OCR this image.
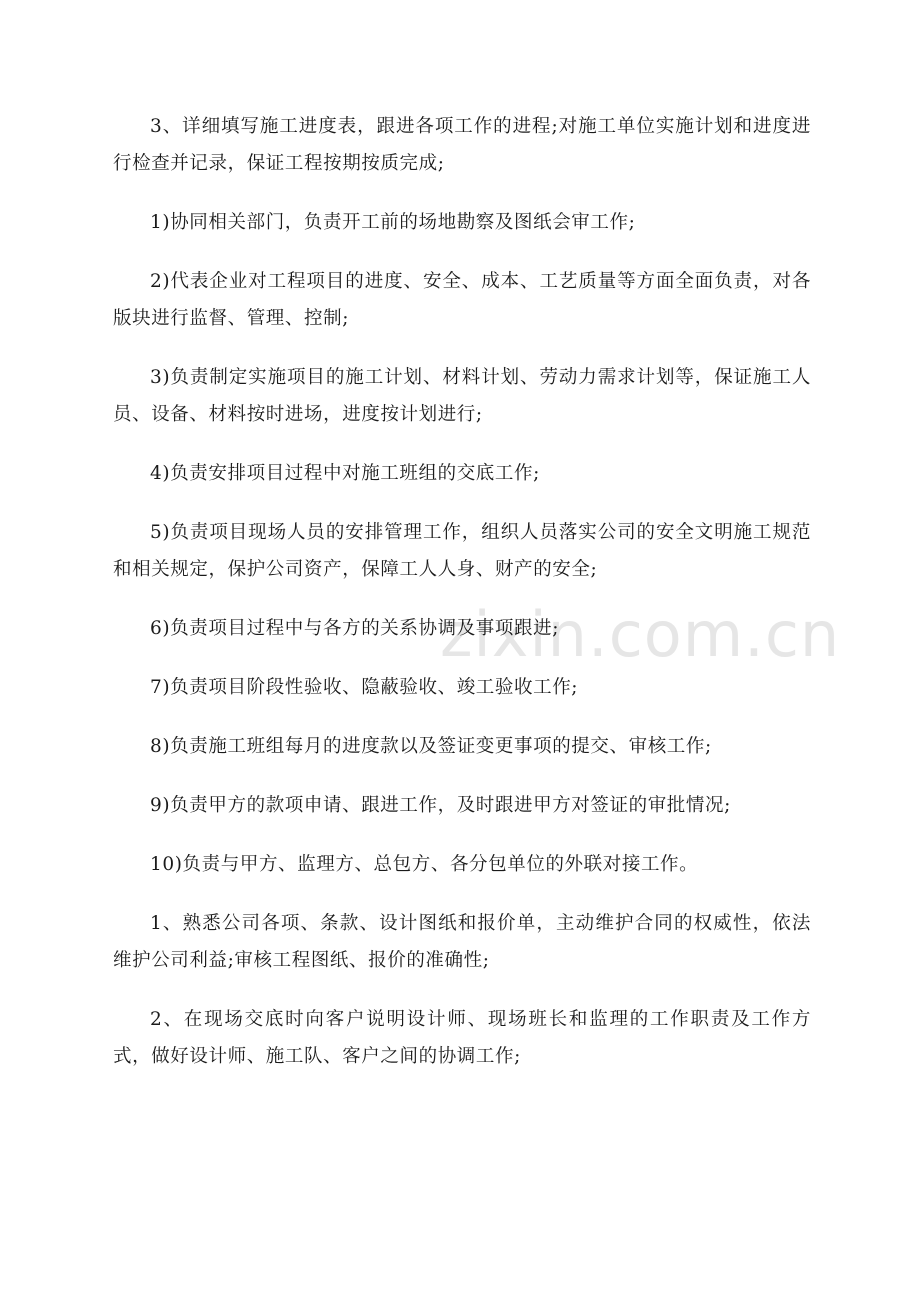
zixin.com.cn

3、详细填写施工进度表，跟进各项工作的进程;对施工单位实施计划和进度进行检查并记录，保证工程按期按质完成;

1)协同相关部门，负责开工前的场地勘察及图纸会审工作;

2)代表企业对工程项目的进度、安全、成本、工艺质量等方面全面负责，对各版块进行监督、管理、控制;

3)负责制定实施项目的施工计划、材料计划、劳动力需求计划等，保证施工人员、设备、材料按时进场，进度按计划进行;

4)负责安排项目过程中对施工班组的交底工作;

5)负责项目现场人员的安排管理工作，组织人员落实公司的安全文明施工规范和相关规定，保护公司资产，保障工人人身、财产的安全;

6)负责项目过程中与各方的关系协调及事项跟进;

7)负责项目阶段性验收、隐蔽验收、竣工验收工作;

8)负责施工班组每月的进度款以及签证变更事项的提交、审核工作;

9)负责甲方的款项申请、跟进工作，及时跟进甲方对签证的审批情况;

10)负责与甲方、监理方、总包方、各分包单位的外联对接工作。

1、熟悉公司各项、条款、设计图纸和报价单，主动维护合同的权威性，依法维护公司利益;审核工程图纸、报价的准确性;

2、在现场交底时向客户说明设计师、现场班长和监理的工作职责及工作方式，做好设计师、施工队、客户之间的协调工作;
